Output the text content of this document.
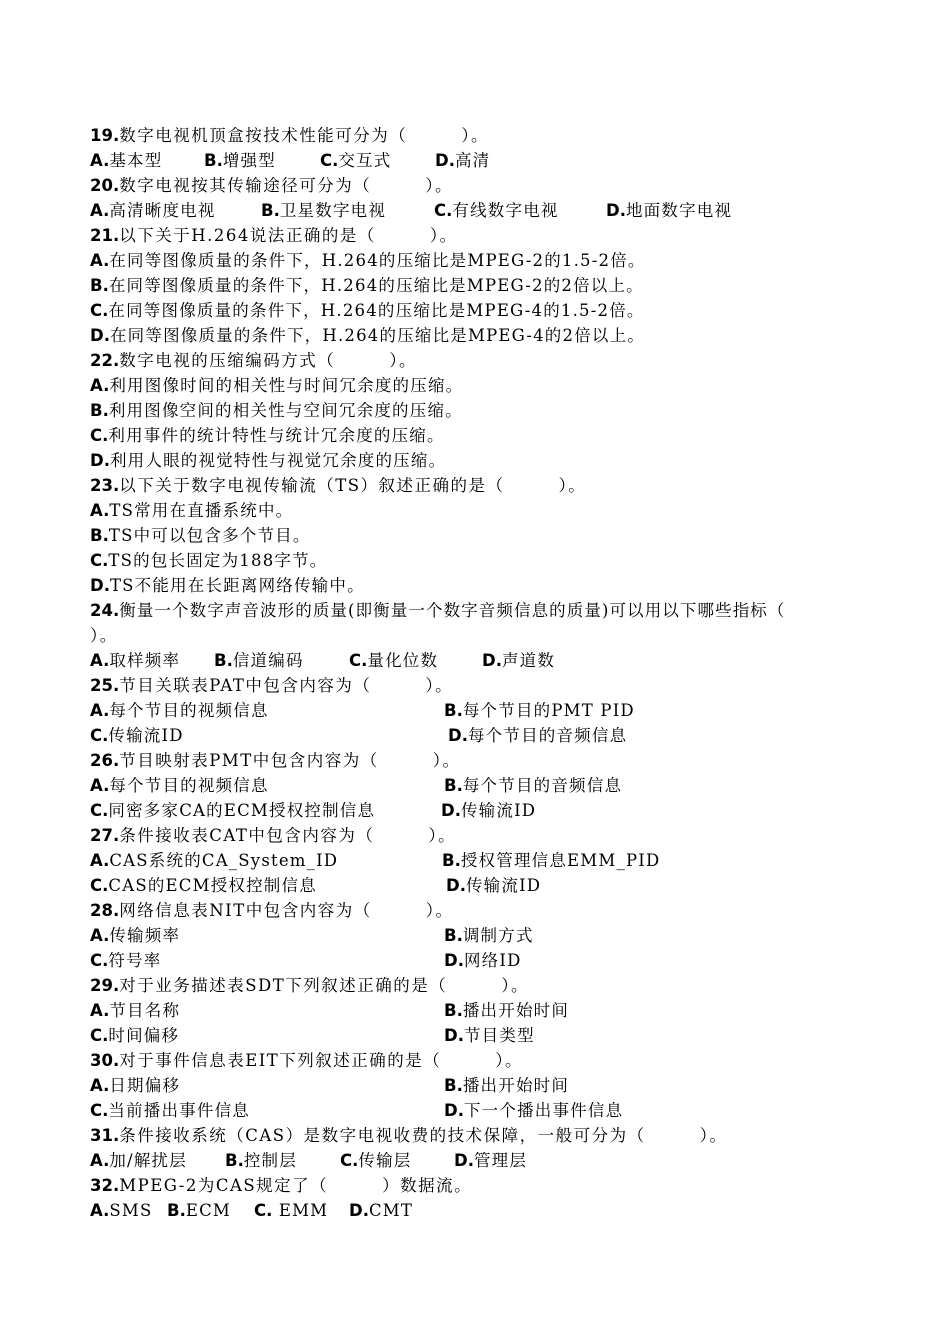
19.数字电视机顶盒按技术性能可分为（　　　）。
A.基本型	B.增强型	C.交互式	D.高清
20.数字电视按其传输途径可分为（　　　）。
A.高清晰度电视	B.卫星数字电视	C.有线数字电视	D.地面数字电视
21.以下关于H.264说法正确的是（　　　）。
A.在同等图像质量的条件下，H.264的压缩比是MPEG-2的1.5-2倍。
B.在同等图像质量的条件下，H.264的压缩比是MPEG-2的2倍以上。
C.在同等图像质量的条件下，H.264的压缩比是MPEG-4的1.5-2倍。
D.在同等图像质量的条件下，H.264的压缩比是MPEG-4的2倍以上。
22.数字电视的压缩编码方式（　　　）。
A.利用图像时间的相关性与时间冗余度的压缩。
B.利用图像空间的相关性与空间冗余度的压缩。
C.利用事件的统计特性与统计冗余度的压缩。
D.利用人眼的视觉特性与视觉冗余度的压缩。
23.以下关于数字电视传输流（TS）叙述正确的是（　　　）。
A.TS常用在直播系统中。
B.TS中可以包含多个节目。
C.TS的包长固定为188字节。
D.TS不能用在长距离网络传输中。
24.衡量一个数字声音波形的质量(即衡量一个数字音频信息的质量)可以用以下哪些指标（
）。
A.取样频率 B.信道编码	C.量化位数	D.声道数
25.节目关联表PAT中包含内容为（　　　）。
A.每个节目的视频信息	B.每个节目的PMT PID
C.传输流ID	D.每个节目的音频信息
26.节目映射表PMT中包含内容为（　　　）。
A.每个节目的视频信息	B.每个节目的音频信息
C.同密多家CA的ECM授权控制信息	D.传输流ID
27.条件接收表CAT中包含内容为（　　　）。
A.CAS系统的CA_System_ID	B.授权管理信息EMM_PID
C.CAS的ECM授权控制信息	D.传输流ID
28.网络信息表NIT中包含内容为（　　　）。
A.传输频率	B.调制方式
C.符号率	D.网络ID
29.对于业务描述表SDT下列叙述正确的是（　　　）。
A.节目名称	B.播出开始时间
C.时间偏移	D.节目类型
30.对于事件信息表EIT下列叙述正确的是（　　　）。
A.日期偏移	B.播出开始时间
C.当前播出事件信息	D.下一个播出事件信息
31.条件接收系统（CAS）是数字电视收费的技术保障，一般可分为（　　　）。
A.加/解扰层 B.控制层	C.传输层	D.管理层
32.MPEG-2为CAS规定了（　　　）数据流。
A.SMS B.ECM C. EMM D.CMT
